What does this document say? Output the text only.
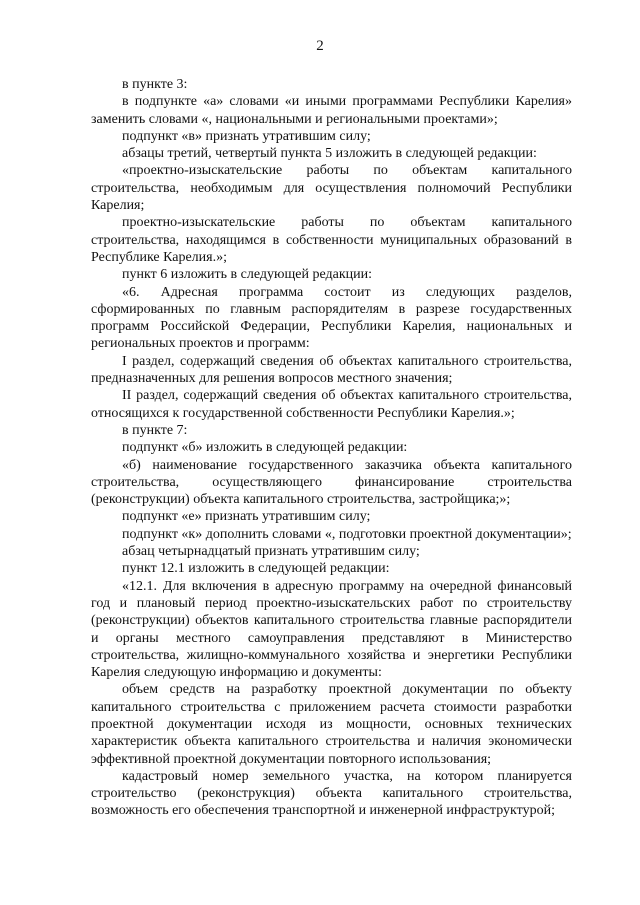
2

в пункте 3:

в подпункте «а» словами «и иными программами Республики Карелия» заменить словами «, национальными и региональными проектами»;

подпункт «в» признать утратившим силу;

абзацы третий, четвертый пункта 5 изложить в следующей редакции:

«проектно-изыскательские работы по объектам капитального строительства, необходимым для осуществления полномочий Республики Карелия;

проектно-изыскательские работы по объектам капитального строительства, находящимся в собственности муниципальных образований в Республике Карелия.»;

пункт 6 изложить в следующей редакции:

«6. Адресная программа состоит из следующих разделов, сформированных по главным распорядителям в разрезе государственных программ Российской Федерации, Республики Карелия, национальных и региональных проектов и программ:

I раздел, содержащий сведения об объектах капитального строительства, предназначенных для решения вопросов местного значения;

II раздел, содержащий сведения об объектах капитального строительства, относящихся к государственной собственности Республики Карелия.»;

в пункте 7:

подпункт «б» изложить в следующей редакции:

«б) наименование государственного заказчика объекта капитального строительства, осуществляющего финансирование строительства (реконструкции) объекта капитального строительства, застройщика;»;

подпункт «е» признать утратившим силу;

подпункт «к» дополнить словами «, подготовки проектной документации»;

абзац четырнадцатый признать утратившим силу;

пункт 12.1 изложить в следующей редакции:

«12.1. Для включения в адресную программу на очередной финансовый год и плановый период проектно-изыскательских работ по строительству (реконструкции) объектов капитального строительства главные распорядители и органы местного самоуправления представляют в Министерство строительства, жилищно-коммунального хозяйства и энергетики Республики Карелия следующую информацию и документы:

объем средств на разработку проектной документации по объекту капитального строительства с приложением расчета стоимости разработки проектной документации исходя из мощности, основных технических характеристик объекта капитального строительства и наличия экономически эффективной проектной документации повторного использования;

кадастровый номер земельного участка, на котором планируется строительство (реконструкция) объекта капитального строительства, возможность его обеспечения транспортной и инженерной инфраструктурой;
